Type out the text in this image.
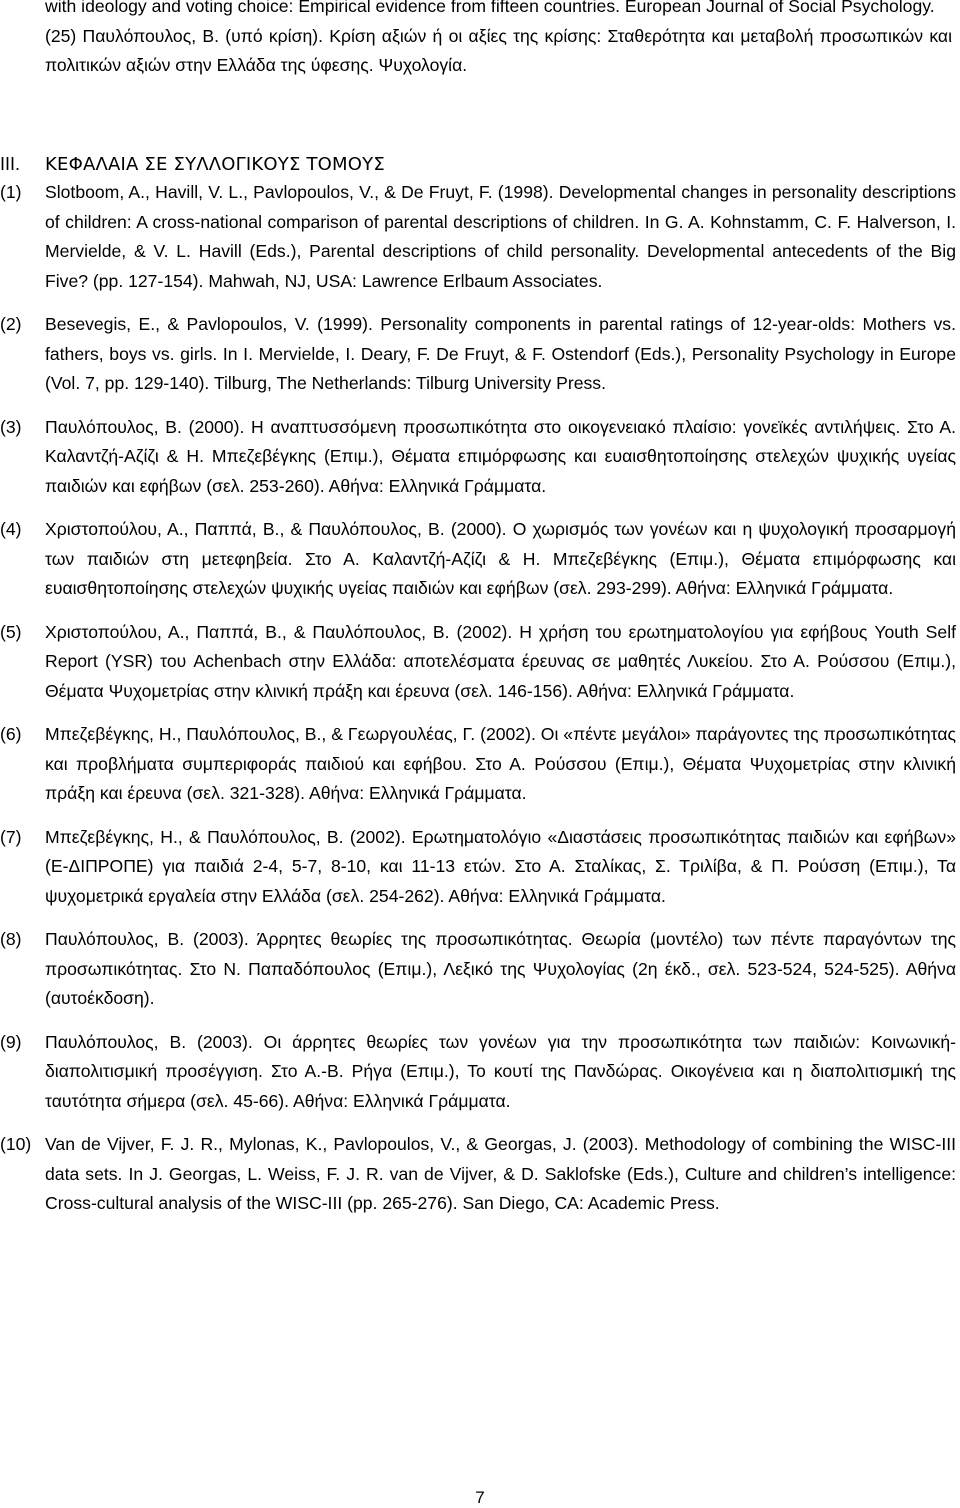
with ideology and voting choice: Empirical evidence from fifteen countries. European Journal of Social Psychology.
(25) Παυλόπουλος, Β. (υπό κρίση). Κρίση αξιών ή οι αξίες της κρίσης: Σταθερότητα και μεταβολή προσωπικών και πολιτικών αξιών στην Ελλάδα της ύφεσης. Ψυχολογία.
III. ΚΕΦΑΛΑΙΑ ΣΕ ΣΥΛΛΟΓΙΚΟΥΣ ΤΟΜΟΥΣ
(1) Slotboom, A., Havill, V. L., Pavlopoulos, V., & De Fruyt, F. (1998). Developmental changes in personality descriptions of children: A cross-national comparison of parental descriptions of children. In G. A. Kohnstamm, C. F. Halverson, I. Mervielde, & V. L. Havill (Eds.), Parental descriptions of child personality. Developmental antecedents of the Big Five? (pp. 127-154). Mahwah, NJ, USA: Lawrence Erlbaum Associates.
(2) Besevegis, E., & Pavlopoulos, V. (1999). Personality components in parental ratings of 12-year-olds: Mothers vs. fathers, boys vs. girls. In I. Mervielde, I. Deary, F. De Fruyt, & F. Ostendorf (Eds.), Personality Psychology in Europe (Vol. 7, pp. 129-140). Tilburg, The Netherlands: Tilburg University Press.
(3) Παυλόπουλος, Β. (2000). Η αναπτυσσόμενη προσωπικότητα στο οικογενειακό πλαίσιο: γονεϊκές αντιλήψεις. Στο Α. Καλαντζή-Αζίζι & Η. Μπεζεβέγκης (Επιμ.), Θέματα επιμόρφωσης και ευαισθητοποίησης στελεχών ψυχικής υγείας παιδιών και εφήβων (σελ. 253-260). Αθήνα: Ελληνικά Γράμματα.
(4) Χριστοπούλου, Α., Παππά, Β., & Παυλόπουλος, Β. (2000). Ο χωρισμός των γονέων και η ψυχολογική προσαρμογή των παιδιών στη μετεφηβεία. Στο Α. Καλαντζή-Αζίζι & Η. Μπεζεβέγκης (Επιμ.), Θέματα επιμόρφωσης και ευαισθητοποίησης στελεχών ψυχικής υγείας παιδιών και εφήβων (σελ. 293-299). Αθήνα: Ελληνικά Γράμματα.
(5) Χριστοπούλου, Α., Παππά, Β., & Παυλόπουλος, Β. (2002). Η χρήση του ερωτηματολογίου για εφήβους Youth Self Report (YSR) του Achenbach στην Ελλάδα: αποτελέσματα έρευνας σε μαθητές Λυκείου. Στο Α. Ρούσσου (Επιμ.), Θέματα Ψυχομετρίας στην κλινική πράξη και έρευνα (σελ. 146-156). Αθήνα: Ελληνικά Γράμματα.
(6) Μπεζεβέγκης, Η., Παυλόπουλος, Β., & Γεωργουλέας, Γ. (2002). Οι «πέντε μεγάλοι» παράγοντες της προσωπικότητας και προβλήματα συμπεριφοράς παιδιού και εφήβου. Στο Α. Ρούσσου (Επιμ.), Θέματα Ψυχομετρίας στην κλινική πράξη και έρευνα (σελ. 321-328). Αθήνα: Ελληνικά Γράμματα.
(7) Μπεζεβέγκης, Η., & Παυλόπουλος, Β. (2002). Ερωτηματολόγιο «Διαστάσεις προσωπικότητας παιδιών και εφήβων» (Ε-ΔΙΠΡΟΠΕ) για παιδιά 2-4, 5-7, 8-10, και 11-13 ετών. Στο Α. Σταλίκας, Σ. Τριλίβα, & Π. Ρούσση (Επιμ.), Τα ψυχομετρικά εργαλεία στην Ελλάδα (σελ. 254-262). Αθήνα: Ελληνικά Γράμματα.
(8) Παυλόπουλος, Β. (2003). Άρρητες θεωρίες της προσωπικότητας. Θεωρία (μοντέλο) των πέντε παραγόντων της προσωπικότητας. Στο Ν. Παπαδόπουλος (Επιμ.), Λεξικό της Ψυχολογίας (2η έκδ., σελ. 523-524, 524-525). Αθήνα (αυτοέκδοση).
(9) Παυλόπουλος, Β. (2003). Οι άρρητες θεωρίες των γονέων για την προσωπικότητα των παιδιών: Κοινωνική-διαπολιτισμική προσέγγιση. Στο Α.-Β. Ρήγα (Επιμ.), Το κουτί της Πανδώρας. Οικογένεια και η διαπολιτισμική της ταυτότητα σήμερα (σελ. 45-66). Αθήνα: Ελληνικά Γράμματα.
(10) Van de Vijver, F. J. R., Mylonas, K., Pavlopoulos, V., & Georgas, J. (2003). Methodology of combining the WISC-III data sets. In J. Georgas, L. Weiss, F. J. R. van de Vijver, & D. Saklofske (Eds.), Culture and children’s intelligence: Cross-cultural analysis of the WISC-III (pp. 265-276). San Diego, CA: Academic Press.
7
